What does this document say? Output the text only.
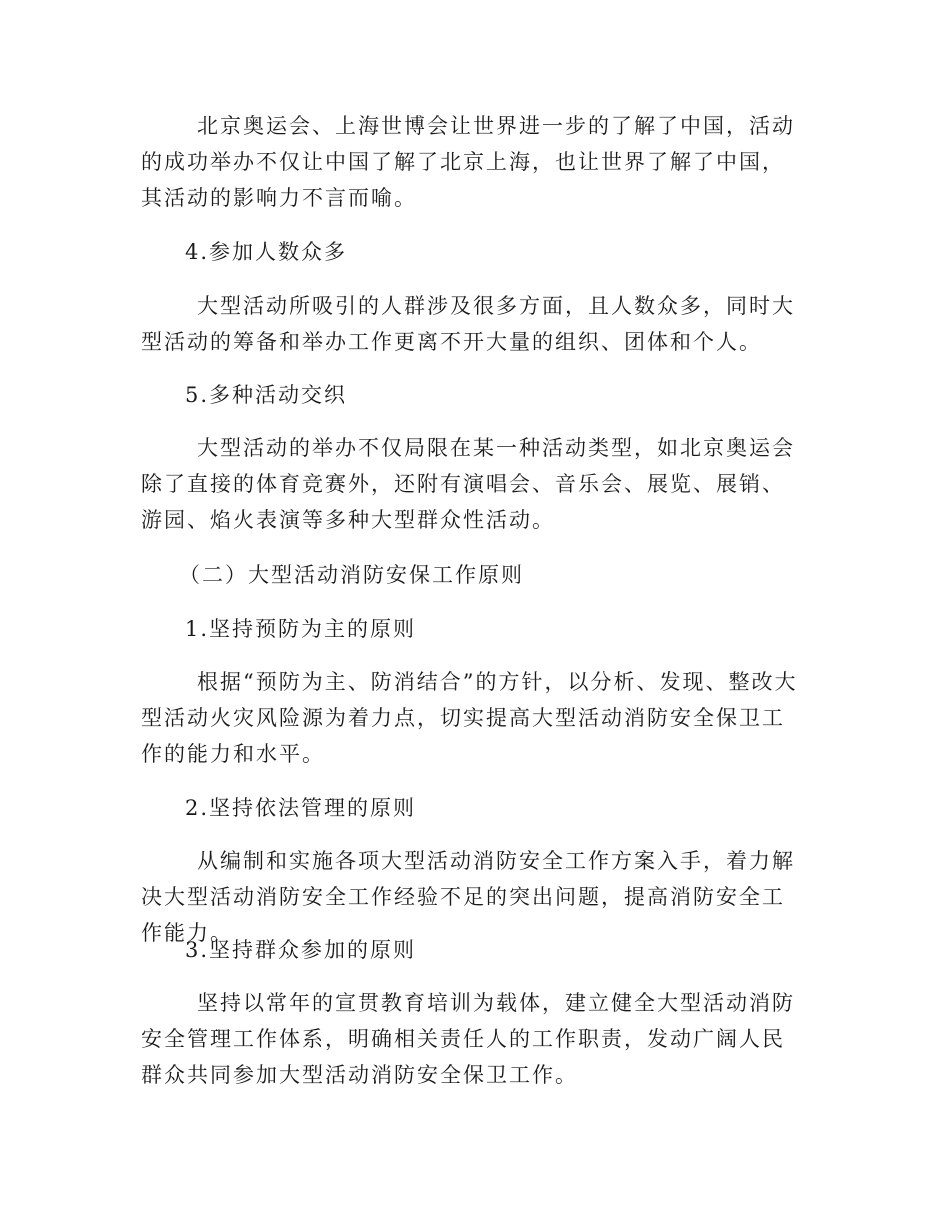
北京奥运会、上海世博会让世界进一步的了解了中国，活动的成功举办不仅让中国了解了北京上海，也让世界了解了中国，其活动的影响力不言而喻。

4.参加人数众多

大型活动所吸引的人群涉及很多方面，且人数众多，同时大型活动的筹备和举办工作更离不开大量的组织、团体和个人。

5.多种活动交织

大型活动的举办不仅局限在某一种活动类型，如北京奥运会除了直接的体育竞赛外，还附有演唱会、音乐会、展览、展销、游园、焰火表演等多种大型群众性活动。

（二）大型活动消防安保工作原则

1.坚持预防为主的原则

根据“预防为主、防消结合”的方针，以分析、发现、整改大型活动火灾风险源为着力点，切实提高大型活动消防安全保卫工作的能力和水平。

2.坚持依法管理的原则

从编制和实施各项大型活动消防安全工作方案入手，着力解决大型活动消防安全工作经验不足的突出问题，提高消防安全工作能力。

3.坚持群众参加的原则

坚持以常年的宣贯教育培训为载体，建立健全大型活动消防安全管理工作体系，明确相关责任人的工作职责，发动广阔人民群众共同参加大型活动消防安全保卫工作。
